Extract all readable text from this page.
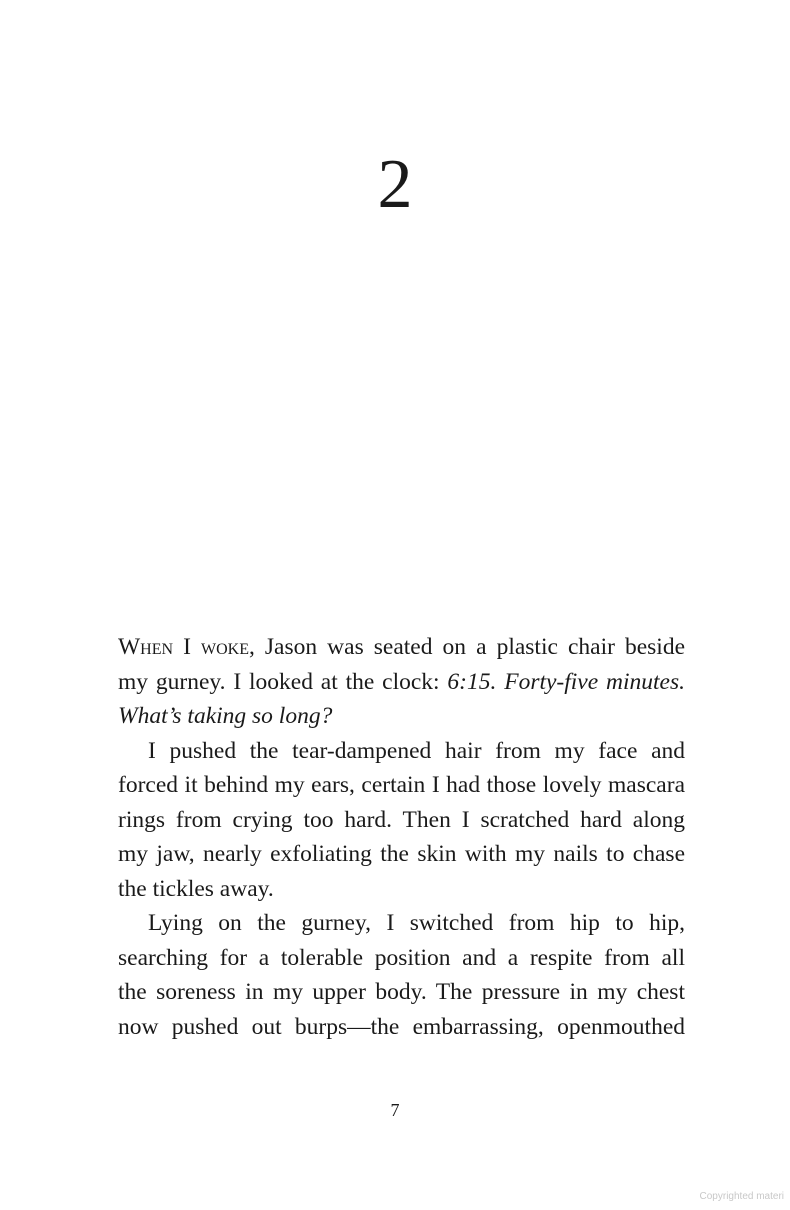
2

When I woke, Jason was seated on a plastic chair beside
my gurney. I looked at the clock: 6:15. Forty-five minutes.
What’s taking so long?

I pushed the tear-dampened hair from my face and
forced it behind my ears, certain I had those lovely mascara
rings from crying too hard. Then I scratched hard along
my jaw, nearly exfoliating the skin with my nails to chase
the tickles away.

Lying on the gurney, I switched from hip to hip,
searching for a tolerable position and a respite from all
the soreness in my upper body. The pressure in my chest
now pushed out burps—the embarrassing, openmouthed

7
Copyrighted materi
